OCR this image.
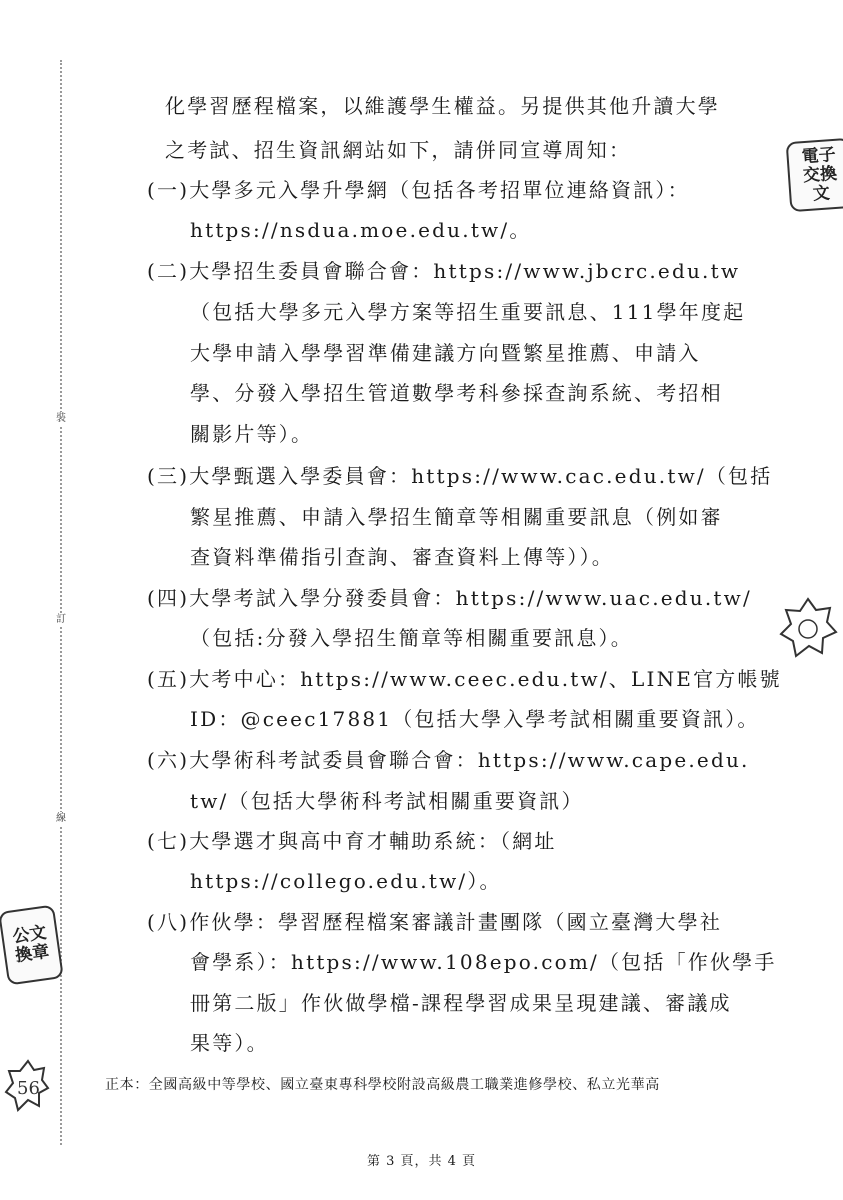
裝
訂
線
化學習歷程檔案，以維護學生權益。另提供其他升讀大學
之考試、招生資訊網站如下，請併同宣導周知：
(一)大學多元入學升學網（包括各考招單位連絡資訊）：
https://nsdua.moe.edu.tw/。
(二)大學招生委員會聯合會：https://www.jbcrc.edu.tw
（包括大學多元入學方案等招生重要訊息、111學年度起
大學申請入學學習準備建議方向暨繁星推薦、申請入
學、分發入學招生管道數學考科參採查詢系統、考招相
關影片等）。
(三)大學甄選入學委員會：https://www.cac.edu.tw/（包括
繁星推薦、申請入學招生簡章等相關重要訊息（例如審
查資料準備指引查詢、審查資料上傳等））。
(四)大學考試入學分發委員會：https://www.uac.edu.tw/
（包括:分發入學招生簡章等相關重要訊息）。
(五)大考中心：https://www.ceec.edu.tw/、LINE官方帳號
ID：@ceec17881（包括大學入學考試相關重要資訊）。
(六)大學術科考試委員會聯合會：https://www.cape.edu.
tw/（包括大學術科考試相關重要資訊）
(七)大學選才與高中育才輔助系統：（網址
https://collego.edu.tw/）。
(八)作伙學：學習歷程檔案審議計畫團隊（國立臺灣大學社
會學系）：https://www.108epo.com/（包括「作伙學手
冊第二版」作伙做學檔-課程學習成果呈現建議、審議成
果等）。
正本：全國高級中等學校、國立臺東專科學校附設高級農工職業進修學校、私立光華高
第 3 頁，共 4 頁
電子交換文
公文換章
56
